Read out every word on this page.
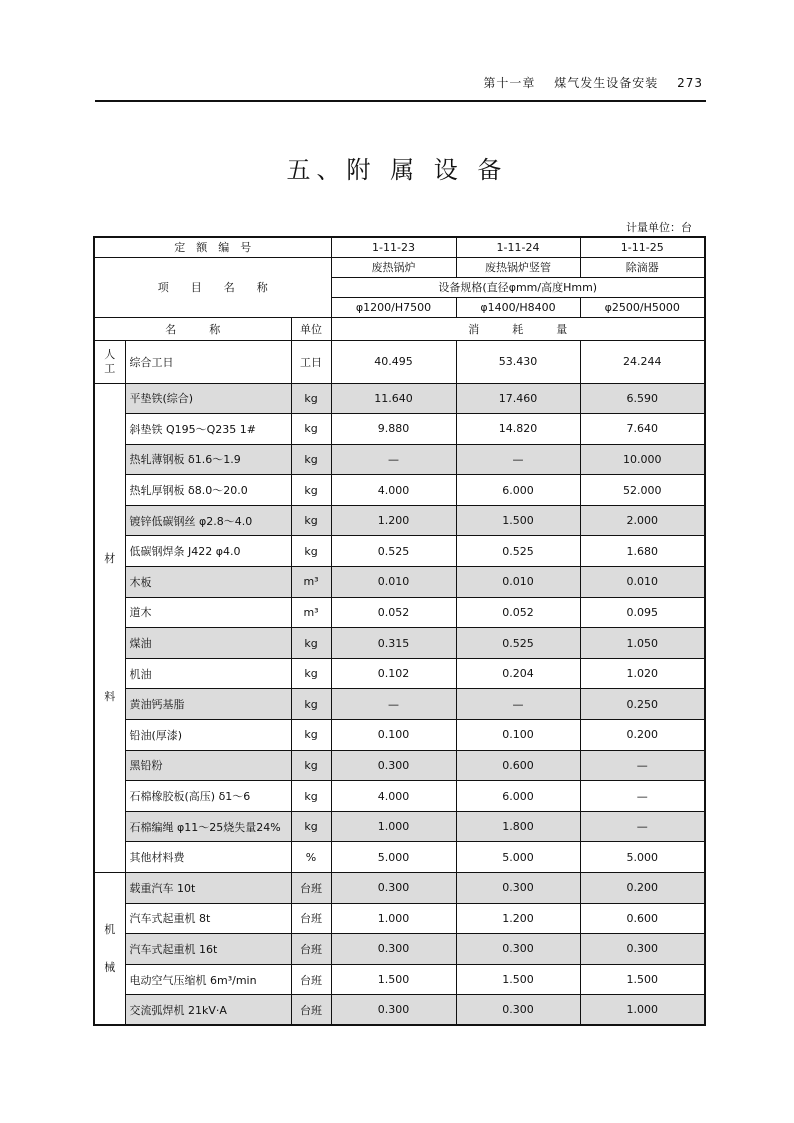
第十一章 煤气发生设备安装 273
五、附 属 设 备
计量单位：台
定　额　编　号			1-11-23	1-11-24	1-11-25
项　　目　　名　　称			废热锅炉	废热锅炉竖管	除滴器
			设备规格(直径φmm/高度Hmm)		
			φ1200/H7500	φ1400/H8400	φ2500/H5000
名　　　称		单位	消　　　耗　　　量		

人工	综合工日	工日	40.495	53.430	24.244

材
料	平垫铁(综合)	kg	11.640	17.460	6.590
	斜垫铁 Q195～Q235 1#	kg	9.880	14.820	7.640
	热轧薄钢板 δ1.6～1.9	kg	—	—	10.000
	热轧厚钢板 δ8.0～20.0	kg	4.000	6.000	52.000
	镀锌低碳钢丝 φ2.8～4.0	kg	1.200	1.500	2.000
	低碳钢焊条 J422 φ4.0	kg	0.525	0.525	1.680
	木板	m³	0.010	0.010	0.010
	道木	m³	0.052	0.052	0.095
	煤油	kg	0.315	0.525	1.050
	机油	kg	0.102	0.204	1.020
	黄油钙基脂	kg	—	—	0.250
	铅油(厚漆)	kg	0.100	0.100	0.200
	黑铅粉	kg	0.300	0.600	—
	石棉橡胶板(高压) δ1～6	kg	4.000	6.000	—
	石棉编绳 φ11～25烧失量24%	kg	1.000	1.800	—
	其他材料费	%	5.000	5.000	5.000

机
械	载重汽车 10t	台班	0.300	0.300	0.200
	汽车式起重机 8t	台班	1.000	1.200	0.600
	汽车式起重机 16t	台班	0.300	0.300	0.300
	电动空气压缩机 6m³/min	台班	1.500	1.500	1.500
	交流弧焊机 21kV·A	台班	0.300	0.300	1.000
